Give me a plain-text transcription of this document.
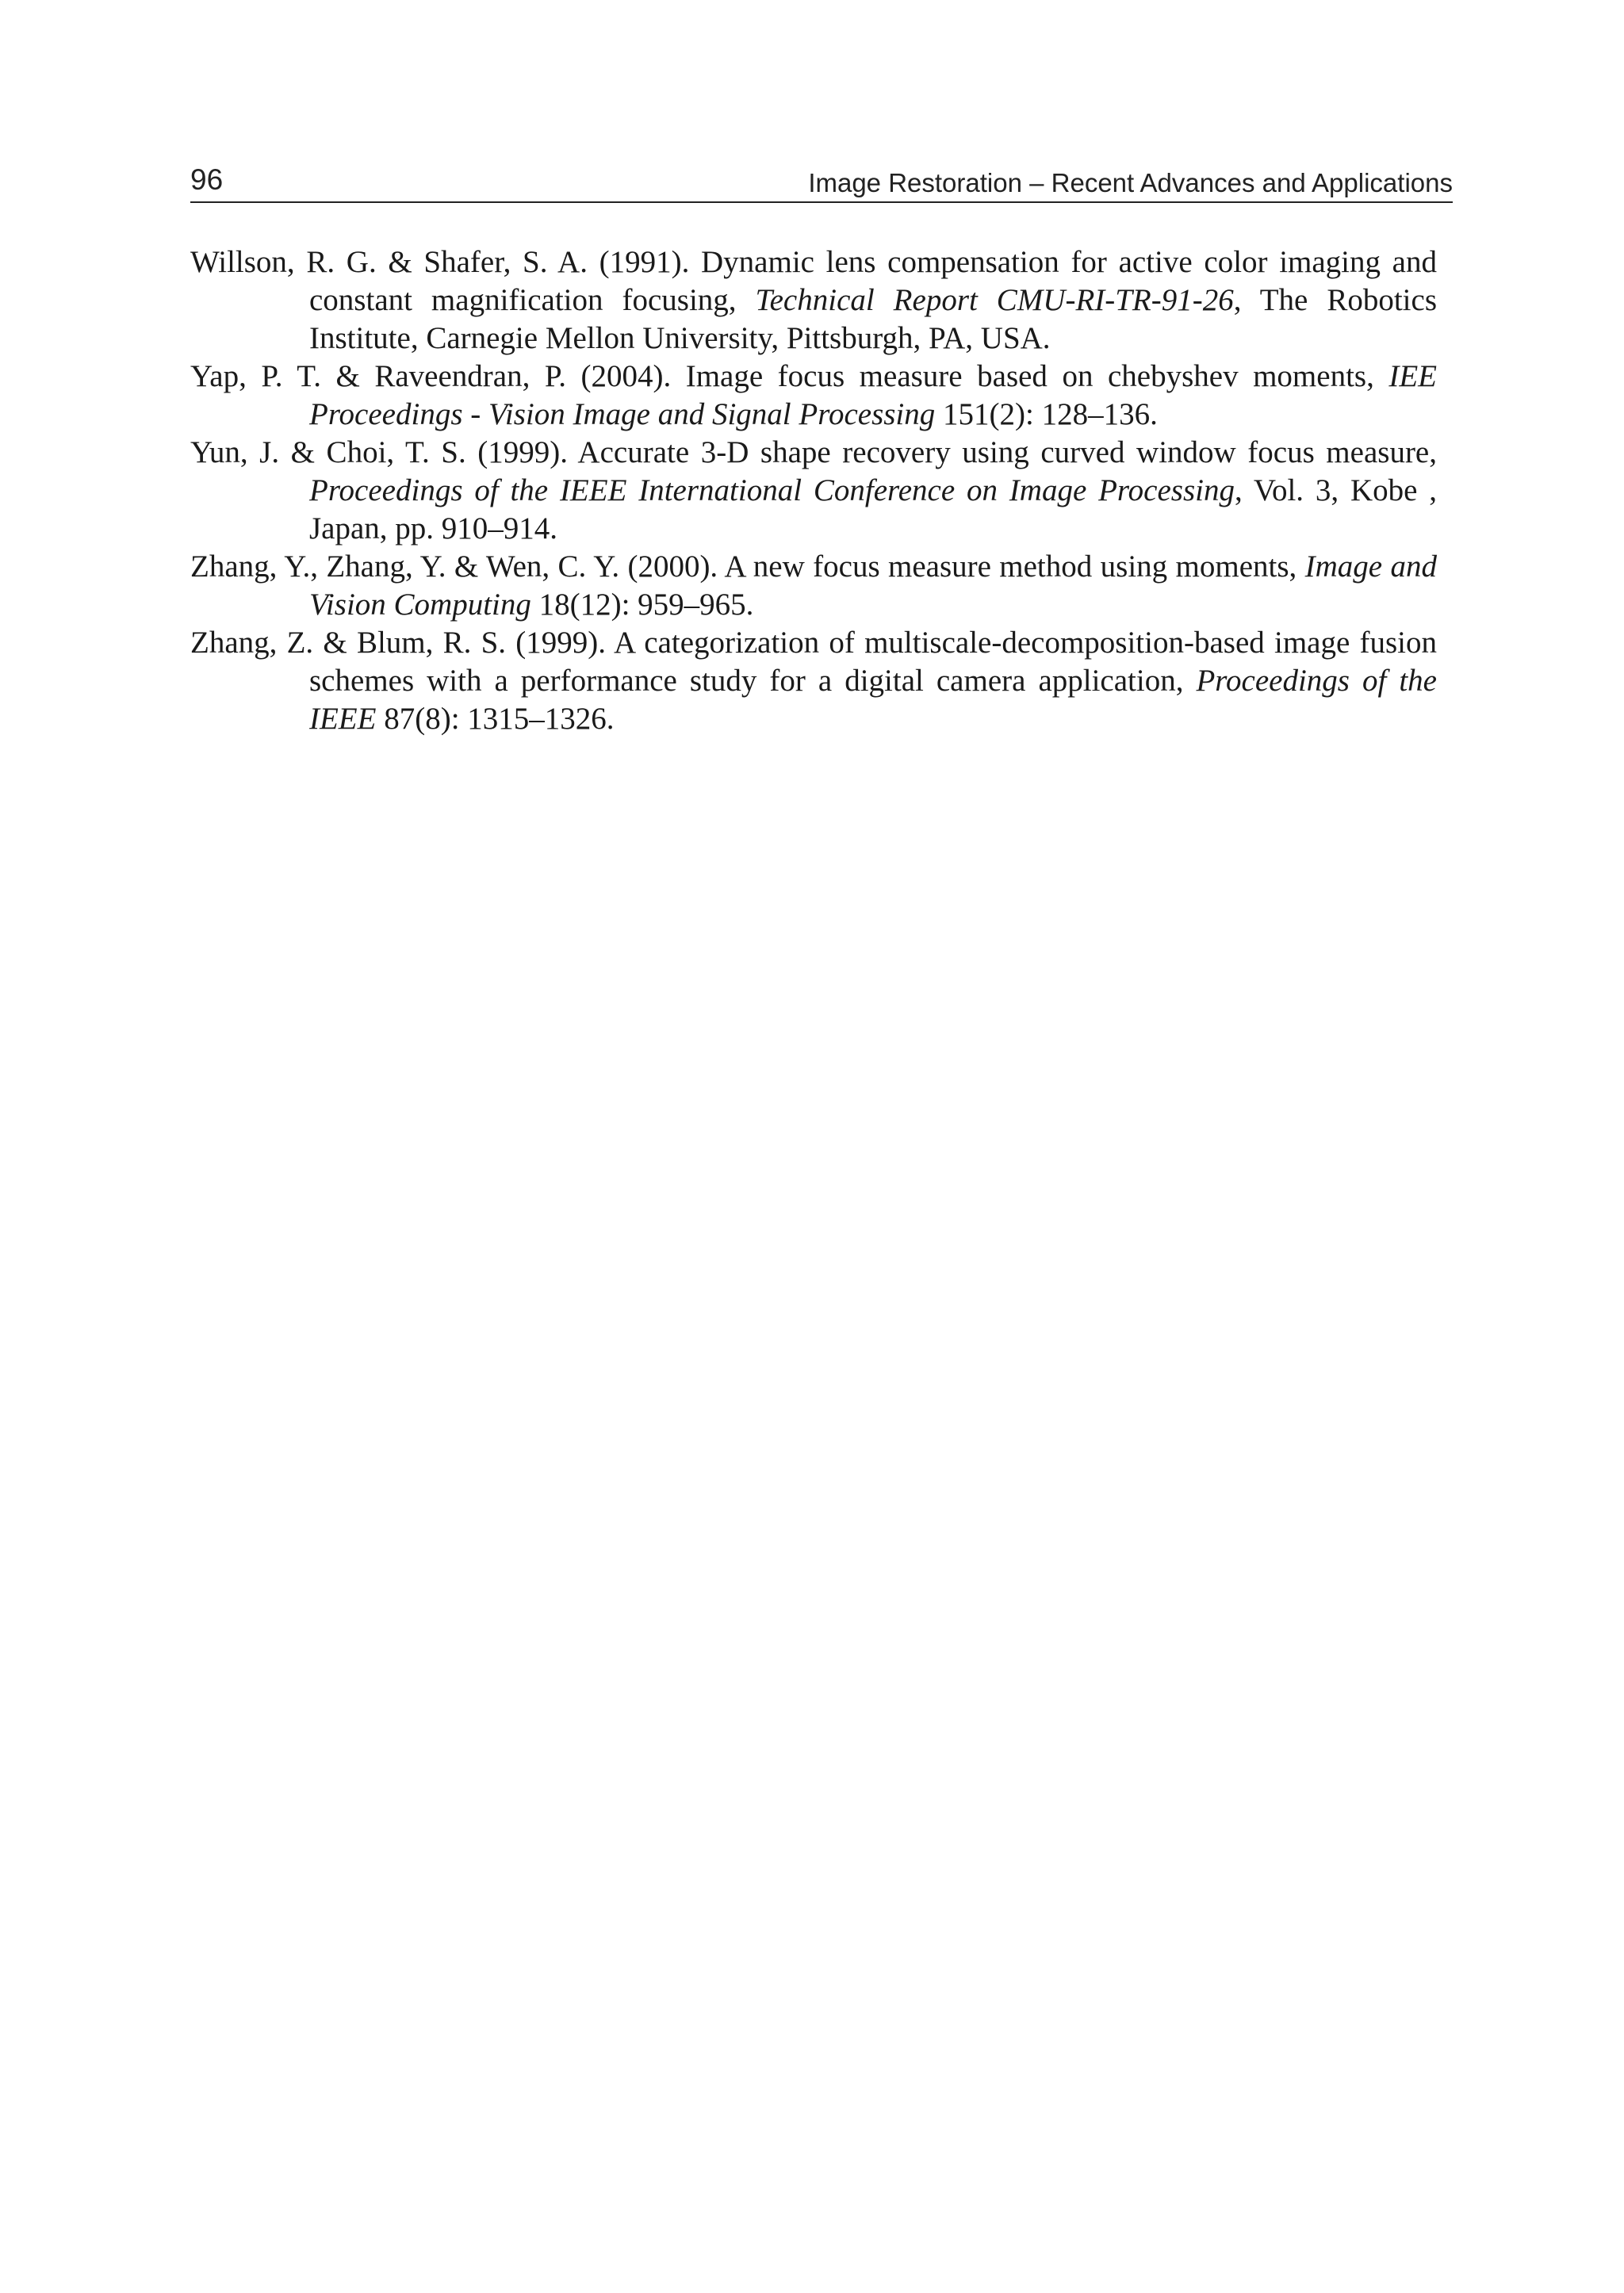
96	Image Restoration – Recent Advances and Applications

Willson, R. G. & Shafer, S. A. (1991). Dynamic lens compensation for active color imaging and constant magnification focusing, Technical Report CMU-RI-TR-91-26, The Robotics Institute, Carnegie Mellon University, Pittsburgh, PA, USA.

Yap, P. T. & Raveendran, P. (2004). Image focus measure based on chebyshev moments, IEE Proceedings - Vision Image and Signal Processing 151(2): 128–136.

Yun, J. & Choi, T. S. (1999). Accurate 3-D shape recovery using curved window focus measure, Proceedings of the IEEE International Conference on Image Processing, Vol. 3, Kobe , Japan, pp. 910–914.

Zhang, Y., Zhang, Y. & Wen, C. Y. (2000). A new focus measure method using moments, Image and Vision Computing 18(12): 959–965.

Zhang, Z. & Blum, R. S. (1999). A categorization of multiscale-decomposition-based image fusion schemes with a performance study for a digital camera application, Proceedings of the IEEE 87(8): 1315–1326.
